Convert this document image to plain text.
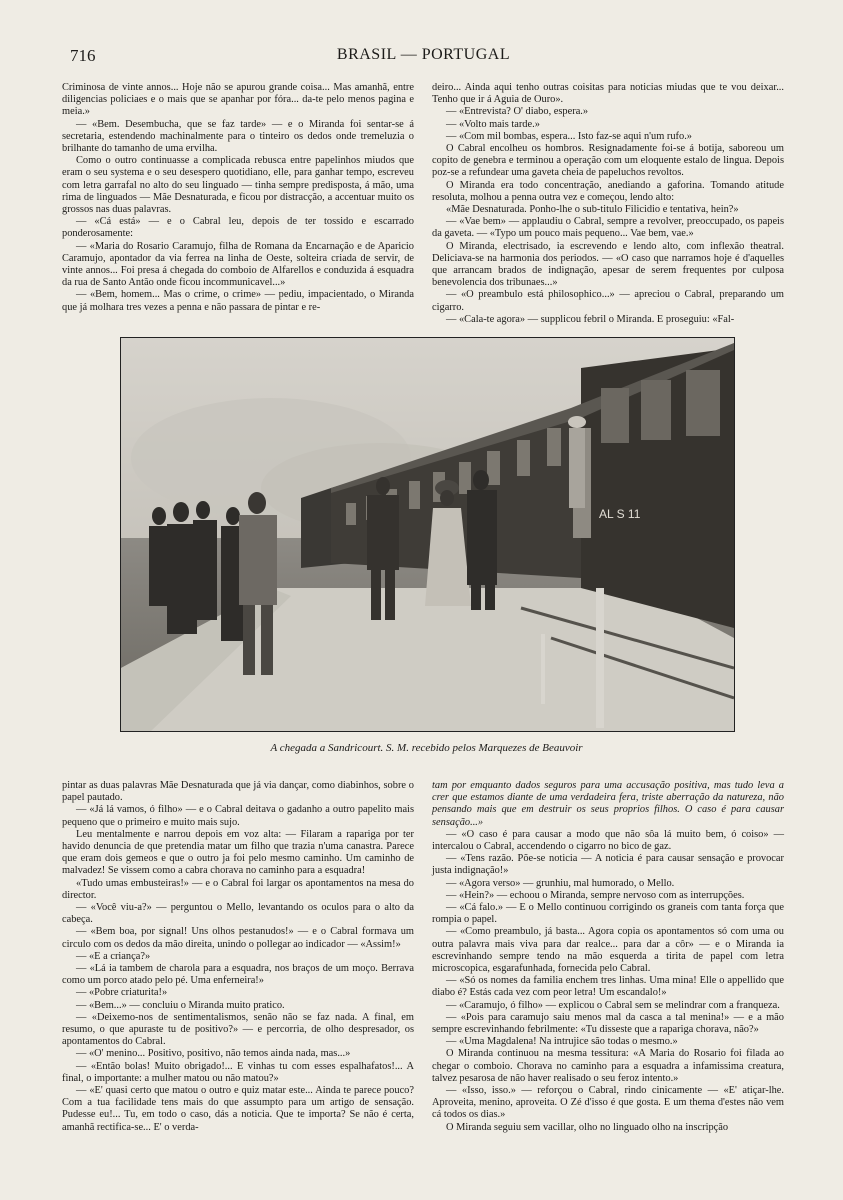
716	BRASIL — PORTUGAL

Criminosa de vinte annos... Hoje não se apurou grande coisa... Mas amanhã, entre diligencias policiaes e o mais que se apanhar por fóra... da-te pelo menos pagina e meia.»

— «Bem. Desembucha, que se faz tarde» — e o Miranda foi sentar-se á secretaria, estendendo machinalmente para o tinteiro os dedos onde tremeluzia o brilhante do tamanho de uma ervilha.

Como o outro continuasse a complicada rebusca entre papelinhos miudos que eram o seu systema e o seu desespero quotidiano, elle, para ganhar tempo, escreveu com letra garrafal no alto do seu linguado — tinha sempre predisposta, á mão, uma rima de linguados — Mãe Desnaturada, e ficou por distracção, a accentuar muito os grossos nas duas palavras.

— «Cá está» — e o Cabral leu, depois de ter tossido e escarrado ponderosamente:

— «Maria do Rosario Caramujo, filha de Romana da Encarnação e de Aparicio Caramujo, apontador da via ferrea na linha de Oeste, solteira criada de servir, de vinte annos... Foi presa á chegada do comboio de Alfarellos e conduzida á esquadra da rua de Santo Antão onde ficou incommunicavel...»

— «Bem, homem... Mas o crime, o crime» — pediu, impacientado, o Miranda que já molhara tres vezes a penna e não passara de pintar e re-

deiro... Ainda aqui tenho outras coisitas para noticias miudas que te vou deixar... Tenho que ir á Aguia de Ouro».

— «Entrevista? O' diabo, espera.»

— «Volto mais tarde.»

— «Com mil bombas, espera... Isto faz-se aqui n'um rufo.»

O Cabral encolheu os hombros. Resignadamente foi-se á botija, saboreou um copito de genebra e terminou a operação com um eloquente estalo de lingua. Depois poz-se a refundear uma gaveta cheia de papeluchos revoltos.

O Miranda era todo concentração, anediando a gaforina. Tomando atitude resoluta, molhou a penna outra vez e começou, lendo alto:

«Mãe Desnaturada. Ponho-lhe o sub-titulo Filicidio e tentativa, hein?»

— «Vae bem» — applaudiu o Cabral, sempre a revolver, preoccupado, os papeis da gaveta. — «Typo um pouco mais pequeno... Vae bem, vae.»

O Miranda, electrisado, ia escrevendo e lendo alto, com inflexão theatral. Deliciava-se na harmonia dos periodos. — «O caso que narramos hoje é d'aquelles que arrancam brados de indignação, apesar de serem frequentes por culposa benevolencia dos tribunaes...»

— «O preambulo está philosophico...» — apreciou o Cabral, preparando um cigarro.

— «Cala-te agora» — supplicou febril o Miranda. E proseguiu: «Fal-

AL S 11
A chegada a Sandricourt. S. M. recebido pelos Marquezes de Beauvoir

pintar as duas palavras Mãe Desnaturada que já via dançar, como diabinhos, sobre o papel pautado.

— «Já lá vamos, ó filho» — e o Cabral deitava o gadanho a outro papelito mais pequeno que o primeiro e muito mais sujo.

Leu mentalmente e narrou depois em voz alta: — Filaram a rapariga por ter havido denuncia de que pretendia matar um filho que trazia n'uma canastra. Parece que eram dois gemeos e que o outro ja foi pelo mesmo caminho. Um caminho de malvadez! Se vissem como a cabra chorava no caminho para a esquadra!

«Tudo umas embusteiras!» — e o Cabral foi largar os apontamentos na mesa do director.

— «Você viu-a?» — perguntou o Mello, levantando os oculos para o alto da cabeça.

— «Bem boa, por signal! Uns olhos pestanudos!» — e o Cabral formava um circulo com os dedos da mão direita, unindo o pollegar ao indicador — «Assim!»

— «E a criança?»

— «Lá ia tambem de charola para a esquadra, nos braços de um moço. Berrava como um porco atado pelo pé. Uma enferneira!»

— «Pobre criaturita!»

— «Bem...» — concluiu o Miranda muito pratico.

— «Deixemo-nos de sentimentalismos, senão não se faz nada. A final, em resumo, o que apuraste tu de positivo?» — e percorria, de olho despresador, os apontamentos do Cabral.

— «O' menino... Positivo, positivo, não temos ainda nada, mas...»

— «Então bolas! Muito obrigado!... E vinhas tu com esses espalhafatos!... A final, o importante: a mulher matou ou não matou?»

— «E' quasi certo que matou o outro e quiz matar este... Ainda te parece pouco? Com a tua facilidade tens mais do que assumpto para um artigo de sensação. Pudesse eu!... Tu, em todo o caso, dás a noticia. Que te importa? Se não é certa, amanhã rectifica-se... E' o verda-

tam por emquanto dados seguros para uma accusação positiva, mas tudo leva a crer que estamos diante de uma verdadeira fera, triste aberração da natureza, não pensando mais que em destruir os seus proprios filhos. O caso é para causar sensação...»

— «O caso é para causar a modo que não sôa lá muito bem, ó coiso» — intercalou o Cabral, accendendo o cigarro no bico de gaz.

— «Tens razão. Põe-se noticia — A noticia é para causar sensação e provocar justa indignação!»

— «Agora verso» — grunhiu, mal humorado, o Mello.

— «Hein?» — echoou o Miranda, sempre nervoso com as interrupções.

— «Cá falo.» — E o Mello continuou corrigindo os graneis com tanta força que rompia o papel.

— «Como preambulo, já basta... Agora copia os apontamentos só com uma ou outra palavra mais viva para dar realce... para dar a côr» — e o Miranda ia escrevinhando sempre tendo na mão esquerda a tirita de papel com letra microscopica, esgarafunhada, fornecida pelo Cabral.

— «Só os nomes da familia enchem tres linhas. Uma mina! Elle o appellido que diabo é? Estás cada vez com peor letra! Um escandalo!»

— «Caramujo, ó filho» — explicou o Cabral sem se melindrar com a franqueza.

— «Pois para caramujo saiu menos mal da casca a tal menina!» — e a mão sempre escrevinhando febrilmente: «Tu disseste que a rapariga chorava, não?»

— «Uma Magdalena! Na intrujice são todas o mesmo.»

O Miranda continuou na mesma tessitura: «A Maria do Rosario foi filada ao chegar o comboio. Chorava no caminho para a esquadra a infamissima creatura, talvez pesarosa de não haver realisado o seu feroz intento.»

— «Isso, isso.» — reforçou o Cabral, rindo cinicamente — «E' atiçar-lhe. Aproveita, menino, aproveita. O Zé d'isso é que gosta. E um thema d'estes não vem cá todos os dias.»

O Miranda seguiu sem vacillar, olho no linguado olho na inscripção
